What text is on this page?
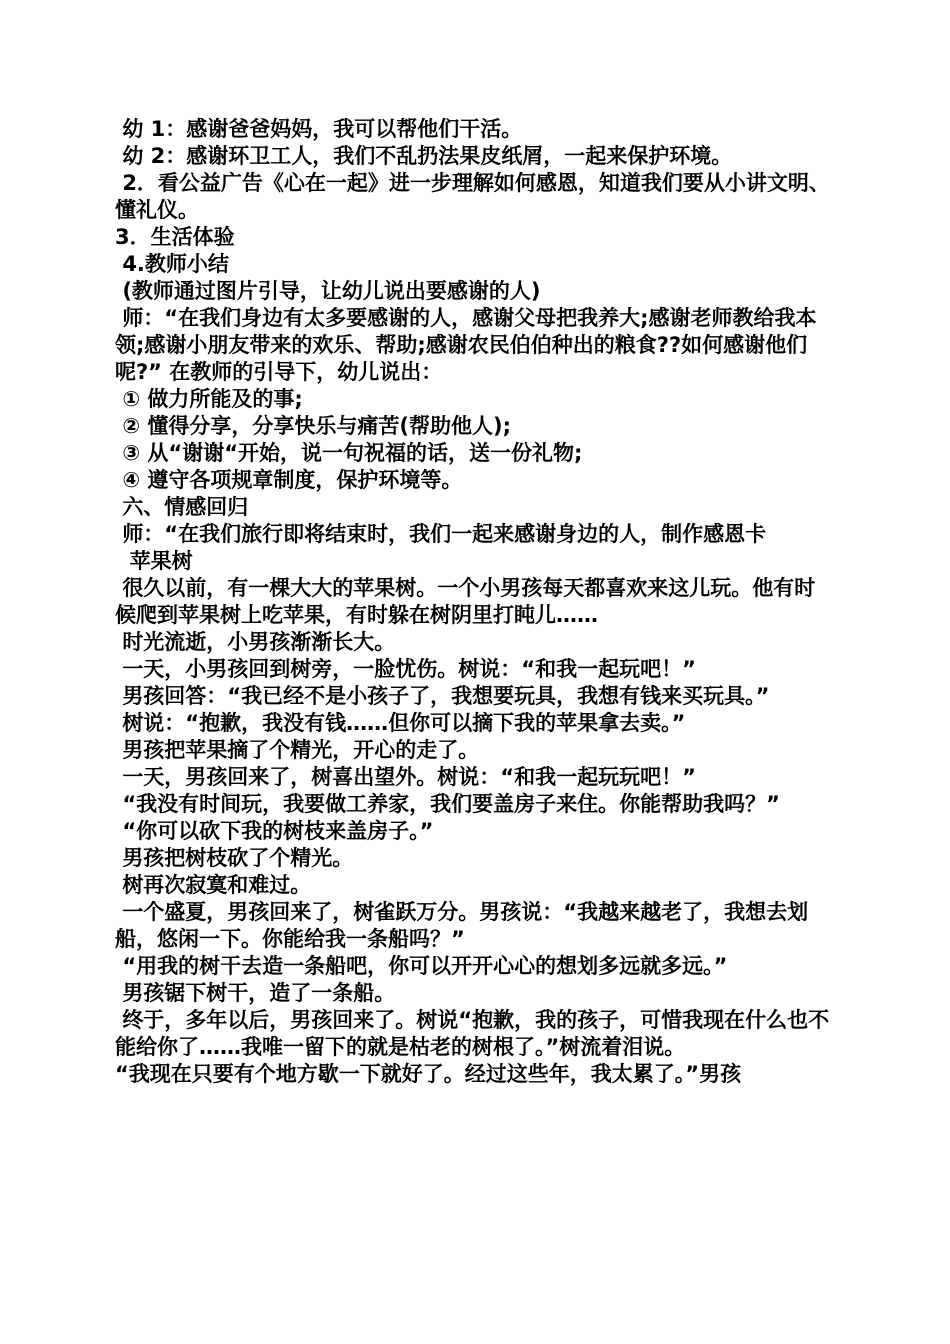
幼 1：感谢爸爸妈妈，我可以帮他们干活。

幼 2：感谢环卫工人，我们不乱扔法果皮纸屑，一起来保护环境。

2．看公益广告《心在一起》进一步理解如何感恩，知道我们要从小讲文明、懂礼仪。

3．生活体验

4.教师小结

(教师通过图片引导，让幼儿说出要感谢的人)

师：“在我们身边有太多要感谢的人，感谢父母把我养大;感谢老师教给我本领;感谢小朋友带来的欢乐、帮助;感谢农民伯伯种出的粮食??如何感谢他们呢?” 在教师的引导下，幼儿说出：

① 做力所能及的事;

② 懂得分享，分享快乐与痛苦(帮助他人);

③ 从“谢谢“开始，说一句祝福的话，送一份礼物;

④ 遵守各项规章制度，保护环境等。

六、情感回归

师：“在我们旅行即将结束时，我们一起来感谢身边的人，制作感恩卡

苹果树

很久以前，有一棵大大的苹果树。一个小男孩每天都喜欢来这儿玩。他有时候爬到苹果树上吃苹果，有时躲在树阴里打盹儿……

时光流逝，小男孩渐渐长大。

一天，小男孩回到树旁，一脸忧伤。树说：“和我一起玩吧！”

男孩回答：“我已经不是小孩子了，我想要玩具，我想有钱来买玩具。”

树说：“抱歉，我没有钱……但你可以摘下我的苹果拿去卖。”

男孩把苹果摘了个精光，开心的走了。

一天，男孩回来了，树喜出望外。树说：“和我一起玩玩吧！”

“我没有时间玩，我要做工养家，我们要盖房子来住。你能帮助我吗？”

“你可以砍下我的树枝来盖房子。”

男孩把树枝砍了个精光。

树再次寂寞和难过。

一个盛夏，男孩回来了，树雀跃万分。男孩说：“我越来越老了，我想去划船，悠闲一下。你能给我一条船吗？”

“用我的树干去造一条船吧，你可以开开心心的想划多远就多远。”

男孩锯下树干，造了一条船。

终于，多年以后，男孩回来了。树说“抱歉，我的孩子，可惜我现在什么也不能给你了……我唯一留下的就是枯老的树根了。”树流着泪说。

“我现在只要有个地方歇一下就好了。经过这些年，我太累了。”男孩
